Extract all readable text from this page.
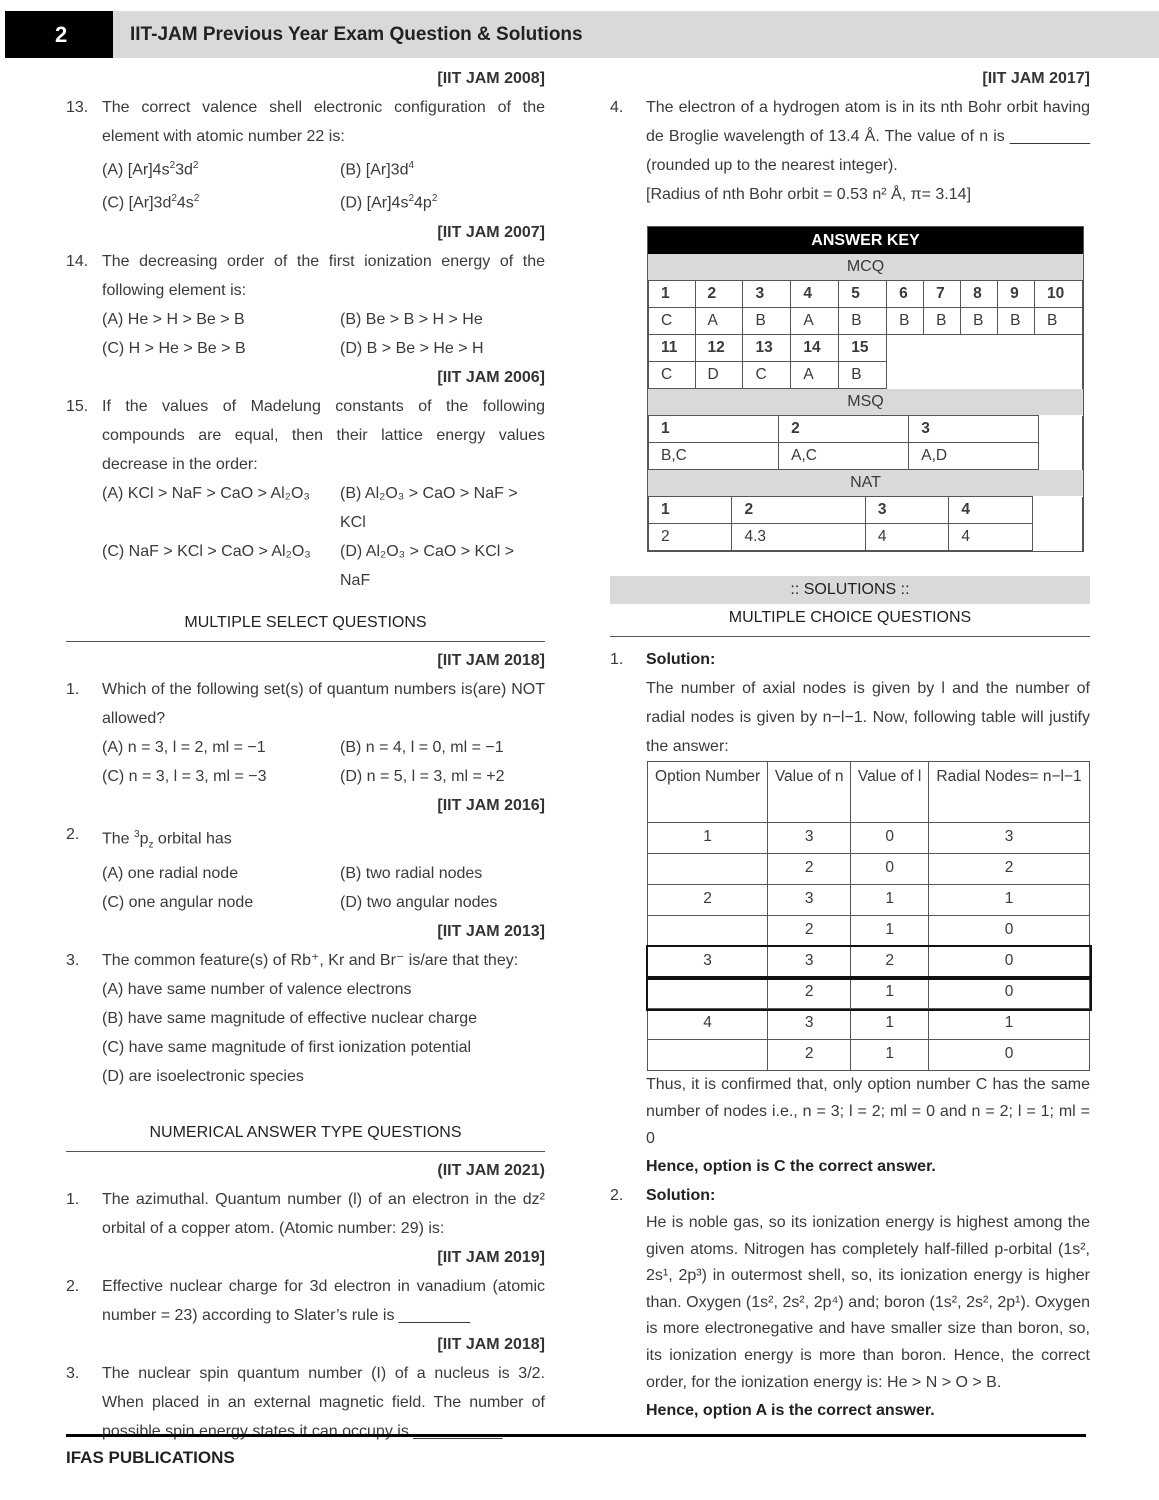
2	IIT-JAM Previous Year Exam Question & Solutions
[IIT JAM 2008]
13. The correct valence shell electronic configuration of the element with atomic number 22 is:
(A) $[Ar]4s^23d^2$	(B) $[Ar]3d^4$
(C) $[Ar]3d^24s^2$	(D) $[Ar]4s^24p^2$
[IIT JAM 2007]
14. The decreasing order of the first ionization energy of the following element is:
(A) He > H > Be > B	(B) Be > B > H > He
(C) H > He > Be > B	(D) B > Be > He > H
[IIT JAM 2006]
15. If the values of Madelung constants of the following compounds are equal, then their lattice energy values decrease in the order:
(A) KCl > NaF > CaO > Al₂O₃	(B) Al₂O₃ > CaO > NaF > KCl
(C) NaF > KCl > CaO > Al₂O₃	(D) Al₂O₃ > CaO > KCl > NaF
MULTIPLE SELECT QUESTIONS
[IIT JAM 2018]
1. Which of the following set(s) of quantum numbers is(are) NOT allowed?
(A) n = 3, l = 2, ml = −1	(B) n = 4, l = 0, ml = −1
(C) n = 3, l = 3, ml = −3	(D) n = 5, l = 3, ml = +2
[IIT JAM 2016]
2. The $^3p_z$ orbital has
(A) one radial node	(B) two radial nodes
(C) one angular node	(D) two angular nodes
[IIT JAM 2013]
3. The common feature(s) of Rb⁺, Kr and Br⁻ is/are that they:
(A) have same number of valence electrons
(B) have same magnitude of effective nuclear charge
(C) have same magnitude of first ionization potential
(D) are isoelectronic species
NUMERICAL ANSWER TYPE QUESTIONS
(IIT JAM 2021)
1. The azimuthal. Quantum number (l) of an electron in the dz² orbital of a copper atom. (Atomic number: 29) is:
[IIT JAM 2019]
2. Effective nuclear charge for 3d electron in vanadium (atomic number = 23) according to Slater’s rule is ________
[IIT JAM 2018]
3. The nuclear spin quantum number (I) of a nucleus is 3/2. When placed in an external magnetic field. The number of possible spin energy states it can occupy is __________.
[IIT JAM 2017]
4. The electron of a hydrogen atom is in its nth Bohr orbit having de Broglie wavelength of 13.4 Å. The value of n is _________ (rounded up to the nearest integer).
[Radius of nth Bohr orbit = 0.53 n² Å, π= 3.14]
ANSWER KEY
MCQ
1	2	3	4	5	6	7	8	9	10
C	A	B	A	B	B	B	B	B	B
11	12	13	14	15					
C	D	C	A	B					
MSQ
1	2	3	
B,C	A,C	A,D	
NAT
1	2	3	4	
2	4.3	4	4	
:: SOLUTIONS ::
MULTIPLE CHOICE QUESTIONS
1. Solution:
The number of axial nodes is given by l and the number of radial nodes is given by n−l−1. Now, following table will justify the answer:
Option Number	Value of n	Value of l	Radial Nodes= n−l−1
1	3	0	3
	2	0	2
2	3	1	1
	2	1	0
3	3	2	0
	2	1	0
4	3	1	1
	2	1	0
Thus, it is confirmed that, only option number C has the same number of nodes i.e., n = 3; l = 2; ml = 0 and n = 2; l = 1; ml = 0
Hence, option is C the correct answer.
2. Solution:
He is noble gas, so its ionization energy is highest among the given atoms. Nitrogen has completely half-filled p-orbital (1s², 2s¹, 2p³) in outermost shell, so, its ionization energy is higher than. Oxygen (1s², 2s², 2p⁴) and; boron (1s², 2s², 2p¹). Oxygen is more electronegative and have smaller size than boron, so, its ionization energy is more than boron. Hence, the correct order, for the ionization energy is: He > N > O > B.
Hence, option A is the correct answer.
IFAS PUBLICATIONS
